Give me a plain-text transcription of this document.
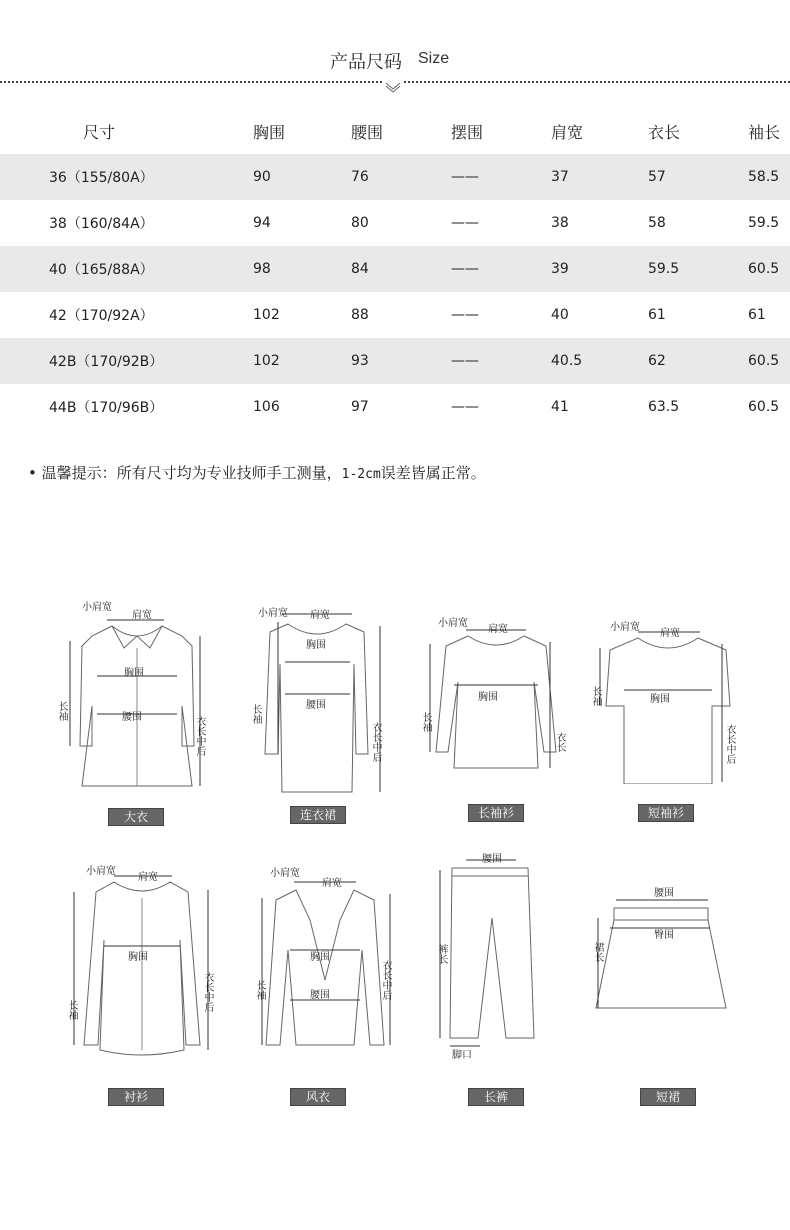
产品尺码 Size
尺寸	胸围	腰围	摆围	肩宽	衣长	袖长
36（155/80A）	90	76	——	37	57	58.5
38（160/84A）	94	80	——	38	58	59.5
40（165/88A）	98	84	——	39	59.5	60.5
42（170/92A）	102	88	——	40	61	61
42B（170/92B）	102	93	——	40.5	62	60.5
44B（170/96B）	106	97	——	41	63.5	60.5
• 温馨提示：所有尺寸均为专业技师手工测量，1-2cm误差皆属正常。
大衣
小肩宽
肩宽
胸围
腰围
长袖
衣长中后
连衣裙
小肩宽 肩宽
胸围
腰围
长袖
衣长中后
长袖衫
小肩宽
肩宽
胸围
长袖
衣长
短袖衫
小肩宽
肩宽
胸围
长袖
衣长中后
衬衫
小肩宽
肩宽
胸围
长袖	衣长中后
风衣
小肩宽
肩宽
胸围
腰围
长袖	衣长中后
长裤
腰围
裤长
脚口
短裙
腰围
臀围
裙长
